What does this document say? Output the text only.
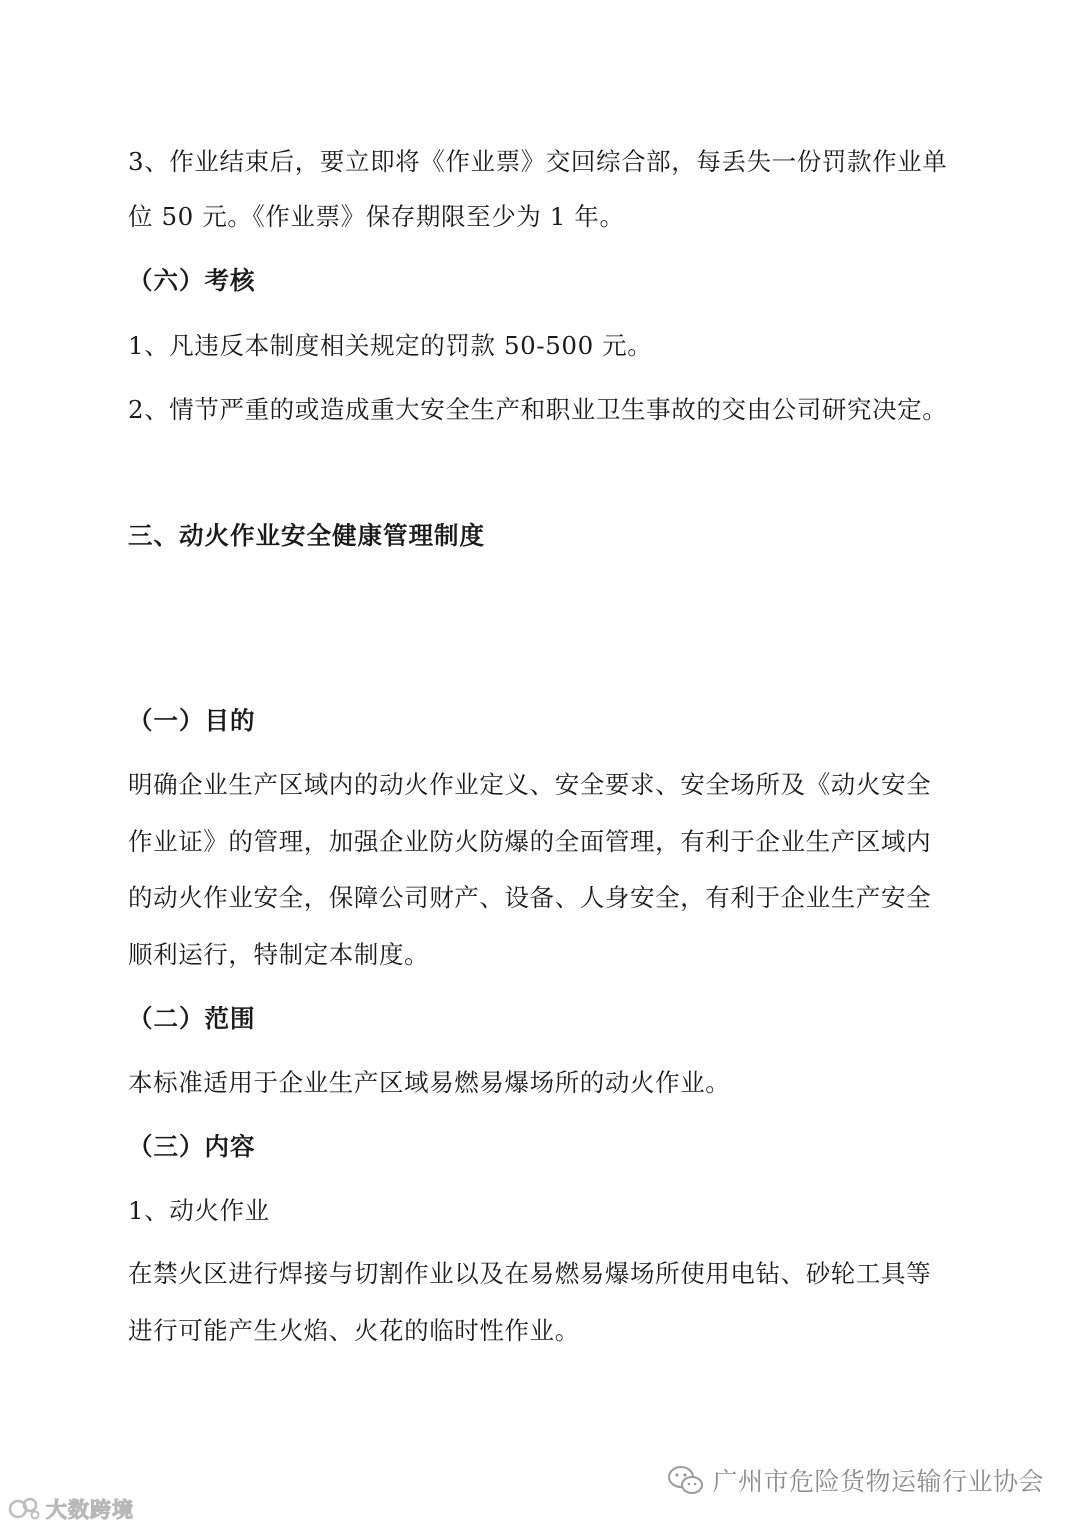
3、作业结束后，要立即将《作业票》交回综合部，每丢失一份罚款作业单
位 50 元。《作业票》保存期限至少为 1 年。
（六）考核
1、凡违反本制度相关规定的罚款 50-500 元。
2、情节严重的或造成重大安全生产和职业卫生事故的交由公司研究决定。
三、动火作业安全健康管理制度
（一）目的
明确企业生产区域内的动火作业定义、安全要求、安全场所及《动火安全
作业证》的管理，加强企业防火防爆的全面管理，有利于企业生产区域内
的动火作业安全，保障公司财产、设备、人身安全，有利于企业生产安全
顺利运行，特制定本制度。
（二）范围
本标准适用于企业生产区域易燃易爆场所的动火作业。
（三）内容
1、动火作业
在禁火区进行焊接与切割作业以及在易燃易爆场所使用电钻、砂轮工具等
进行可能产生火焰、火花的临时性作业。
广州市危险货物运输行业协会
大数跨境
